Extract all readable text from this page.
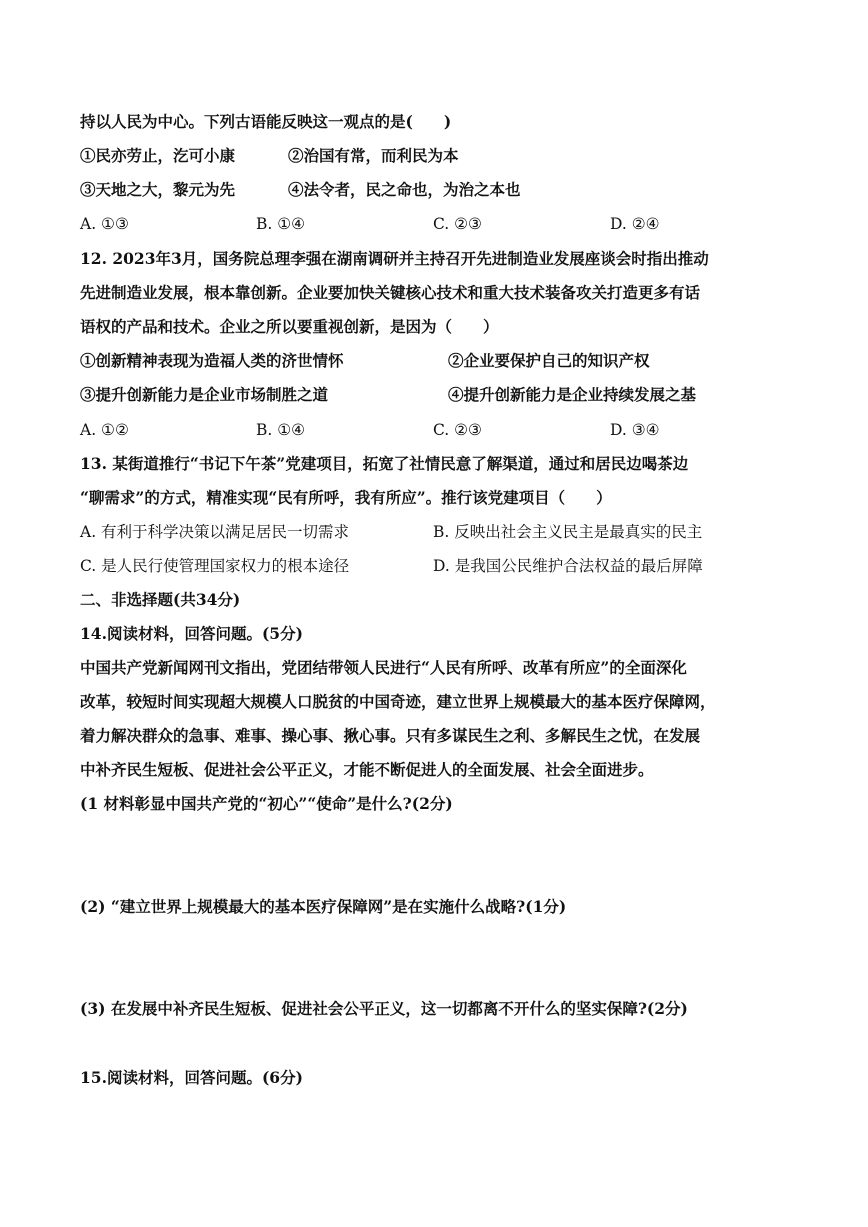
持以人民为中心。下列古语能反映这一观点的是(　　)
①民亦劳止，汔可小康	②治国有常，而利民为本
③天地之大，黎元为先	④法令者，民之命也，为治之本也
A. ①③	B. ①④	C. ②③	D. ②④
12. 2023年3月，国务院总理李强在湖南调研并主持召开先进制造业发展座谈会时指出推动
先进制造业发展，根本靠创新。企业要加快关键核心技术和重大技术装备攻关打造更多有话
语权的产品和技术。企业之所以要重视创新，是因为（　　）
①创新精神表现为造福人类的济世情怀	②企业要保护自己的知识产权
③提升创新能力是企业市场制胜之道	④提升创新能力是企业持续发展之基
A. ①②	B. ①④	C. ②③	D. ③④
13. 某街道推行“书记下午茶”党建项目，拓宽了社情民意了解渠道，通过和居民边喝茶边
“聊需求”的方式，精准实现“民有所呼，我有所应”。推行该党建项目（　　）
A. 有利于科学决策以满足居民一切需求	B. 反映出社会主义民主是最真实的民主
C. 是人民行使管理国家权力的根本途径	D. 是我国公民维护合法权益的最后屏障
二、非选择题(共34分)
14.阅读材料，回答问题。(5分)
中国共产党新闻网刊文指出，党团结带领人民进行“人民有所呼、改革有所应”的全面深化
改革，较短时间实现超大规模人口脱贫的中国奇迹，建立世界上规模最大的基本医疗保障网，
着力解决群众的急事、难事、操心事、揪心事。只有多谋民生之利、多解民生之忧，在发展
中补齐民生短板、促进社会公平正义，才能不断促进人的全面发展、社会全面进步。
(1 材料彰显中国共产党的“初心”“使命”是什么?(2分)
(2) “建立世界上规模最大的基本医疗保障网”是在实施什么战略?(1分)
(3) 在发展中补齐民生短板、促进社会公平正义，这一切都离不开什么的坚实保障?(2分)
15.阅读材料，回答问题。(6分)
